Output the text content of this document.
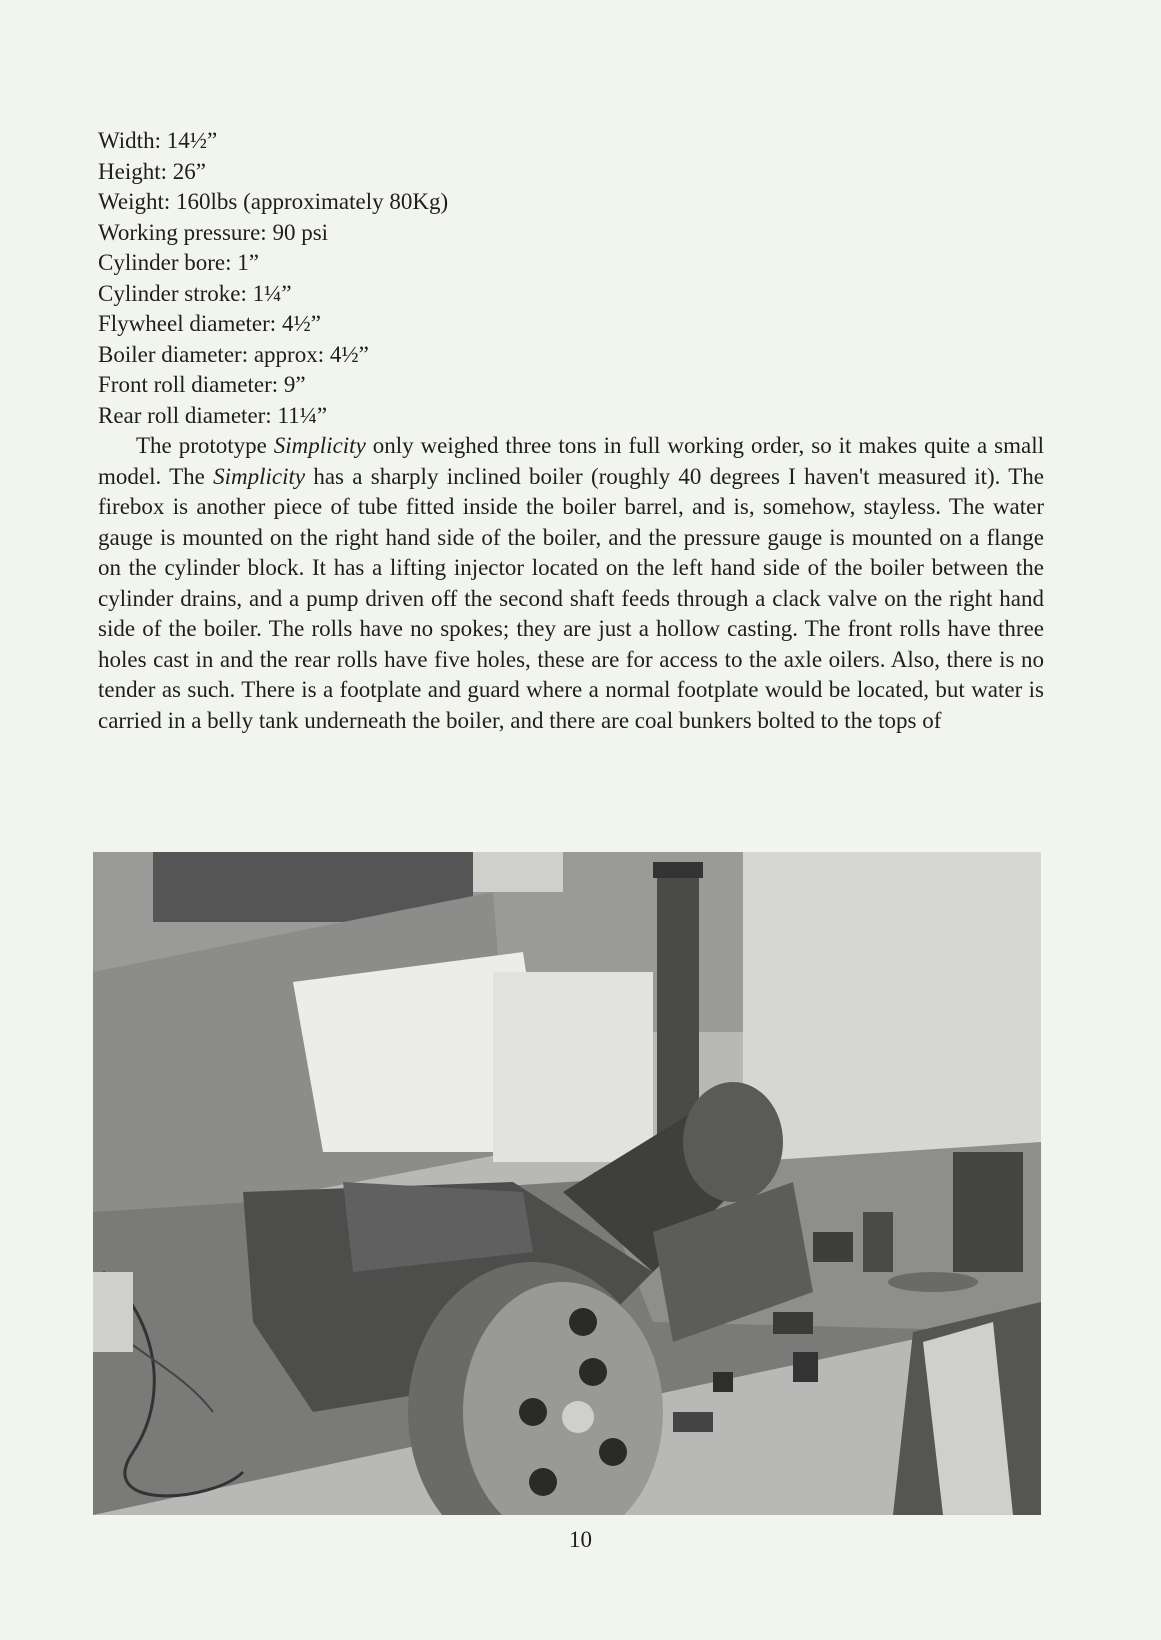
Width: 14½”
Height: 26”
Weight: 160lbs (approximately 80Kg)
Working pressure: 90 psi
Cylinder bore: 1”
Cylinder stroke: 1¼”
Flywheel diameter: 4½”
Boiler diameter: approx: 4½”
Front roll diameter: 9”
Rear roll diameter: 11¼”

The prototype Simplicity only weighed three tons in full working order, so it makes quite a small model. The Simplicity has a sharply inclined boiler (roughly 40 degrees I haven't measured it). The firebox is another piece of tube fitted inside the boiler barrel, and is, somehow, stayless. The water gauge is mounted on the right hand side of the boiler, and the pressure gauge is mounted on a flange on the cylinder block. It has a lifting injector located on the left hand side of the boiler between the cylinder drains, and a pump driven off the second shaft feeds through a clack valve on the right hand side of the boiler. The rolls have no spokes; they are just a hollow casting. The front rolls have three holes cast in and the rear rolls have five holes, these are for access to the axle oilers. Also, there is no tender as such. There is a footplate and guard where a normal footplate would be located, but water is carried in a belly tank underneath the boiler, and there are coal bunkers bolted to the tops of

10
